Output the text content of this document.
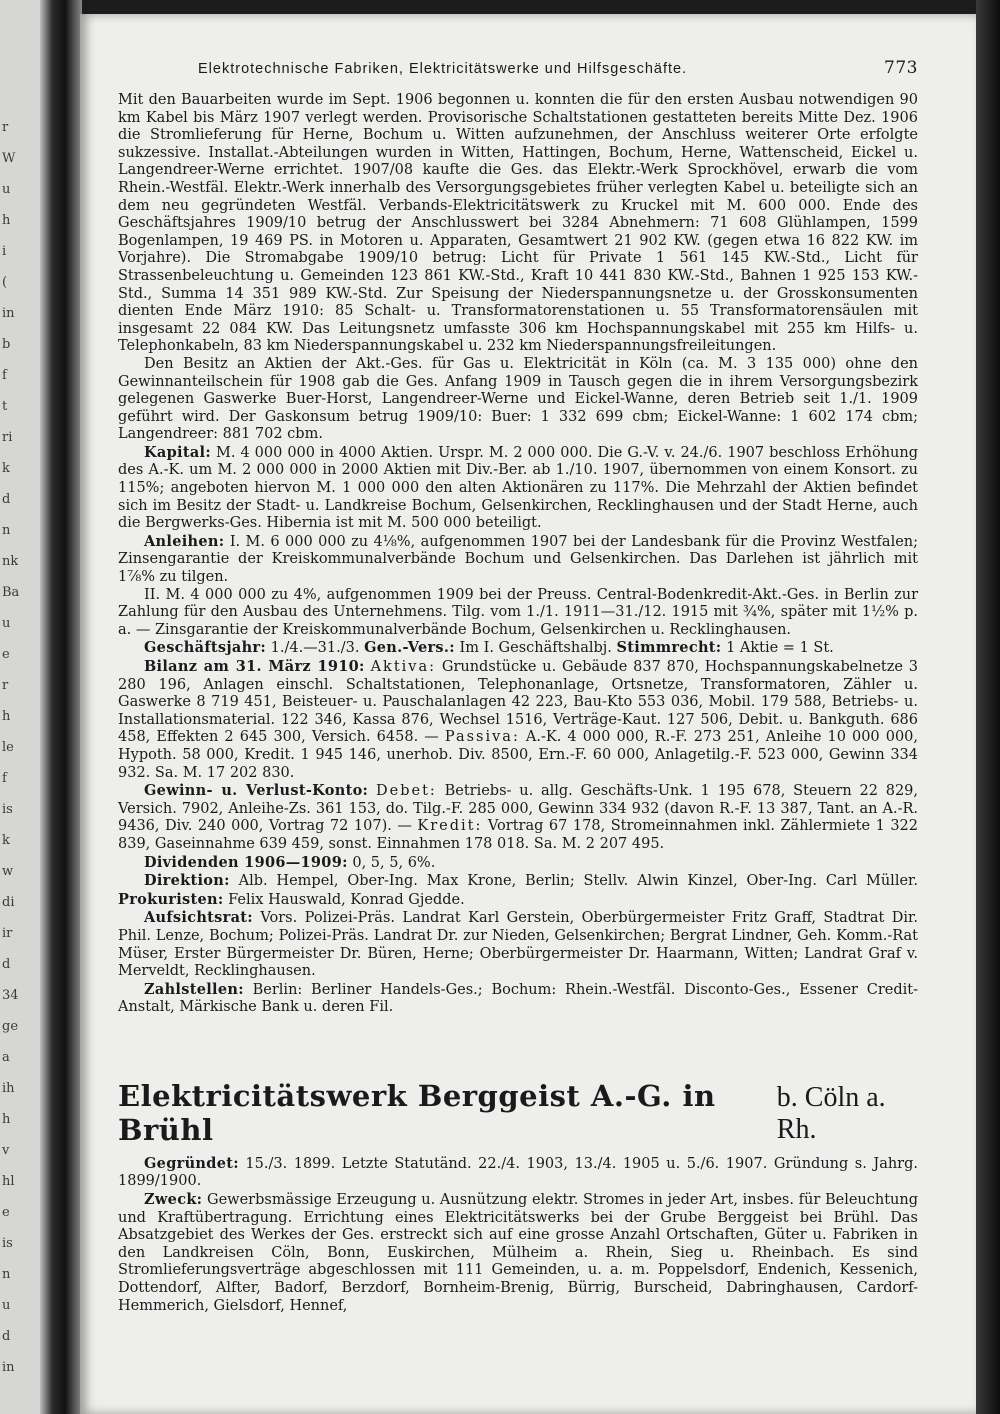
r
W
u
h
i
(
in
b
f
t
ri
k
d
n
nk
Ba
u
e
r
h
le
f
is
k
w
di
ir
d
34
ge
a
ih
h
v
hl
e
is
n
u
d
in
Elektrotechnische Fabriken, Elektricitätswerke und Hilfsgeschäfte.	773

Mit den Bauarbeiten wurde im Sept. 1906 begonnen u. konnten die für den ersten Ausbau notwendigen 90 km Kabel bis März 1907 verlegt werden. Provisorische Schaltstationen gestatteten bereits Mitte Dez. 1906 die Stromlieferung für Herne, Bochum u. Witten aufzunehmen, der Anschluss weiterer Orte erfolgte sukzessive. Installat.-Abteilungen wurden in Witten, Hattingen, Bochum, Herne, Wattenscheid, Eickel u. Langendreer-Werne errichtet. 1907/08 kaufte die Ges. das Elektr.-Werk Sprockhövel, erwarb die vom Rhein.-Westfäl. Elektr.-Werk innerhalb des Versorgungsgebietes früher verlegten Kabel u. beteiligte sich an dem neu gegründeten Westfäl. Verbands-Elektricitätswerk zu Kruckel mit M. 600 000. Ende des Geschäftsjahres 1909/10 betrug der Anschlusswert bei 3284 Abnehmern: 71 608 Glühlampen, 1599 Bogenlampen, 19 469 PS. in Motoren u. Apparaten, Gesamtwert 21 902 KW. (gegen etwa 16 822 KW. im Vorjahre). Die Stromabgabe 1909/10 betrug: Licht für Private 1 561 145 KW.-Std., Licht für Strassenbeleuchtung u. Gemeinden 123 861 KW.-Std., Kraft 10 441 830 KW.-Std., Bahnen 1 925 153 KW.-Std., Summa 14 351 989 KW.-Std. Zur Speisung der Niederspannungsnetze u. der Grosskonsumenten dienten Ende März 1910: 85 Schalt- u. Transformatorenstationen u. 55 Transformatorensäulen mit insgesamt 22 084 KW. Das Leitungsnetz umfasste 306 km Hochspannungskabel mit 255 km Hilfs- u. Telephonkabeln, 83 km Niederspannungskabel u. 232 km Niederspannungsfreileitungen.

Den Besitz an Aktien der Akt.-Ges. für Gas u. Elektricität in Köln (ca. M. 3 135 000) ohne den Gewinnanteilschein für 1908 gab die Ges. Anfang 1909 in Tausch gegen die in ihrem Versorgungsbezirk gelegenen Gaswerke Buer-Horst, Langendreer-Werne und Eickel-Wanne, deren Betrieb seit 1./1. 1909 geführt wird. Der Gaskonsum betrug 1909/10: Buer: 1 332 699 cbm; Eickel-Wanne: 1 602 174 cbm; Langendreer: 881 702 cbm.

Kapital: M. 4 000 000 in 4000 Aktien. Urspr. M. 2 000 000. Die G.-V. v. 24./6. 1907 beschloss Erhöhung des A.-K. um M. 2 000 000 in 2000 Aktien mit Div.-Ber. ab 1./10. 1907, übernommen von einem Konsort. zu 115%; angeboten hiervon M. 1 000 000 den alten Aktionären zu 117%. Die Mehrzahl der Aktien befindet sich im Besitz der Stadt- u. Landkreise Bochum, Gelsenkirchen, Recklinghausen und der Stadt Herne, auch die Bergwerks-Ges. Hibernia ist mit M. 500 000 beteiligt.

Anleihen: I. M. 6 000 000 zu 4⅛%, aufgenommen 1907 bei der Landesbank für die Provinz Westfalen; Zinsengarantie der Kreiskommunalverbände Bochum und Gelsenkirchen. Das Darlehen ist jährlich mit 1⅞% zu tilgen.

II. M. 4 000 000 zu 4%, aufgenommen 1909 bei der Preuss. Central-Bodenkredit-Akt.-Ges. in Berlin zur Zahlung für den Ausbau des Unternehmens. Tilg. vom 1./1. 1911—31./12. 1915 mit ¾%, später mit 1½% p. a. — Zinsgarantie der Kreiskommunalverbände Bochum, Gelsenkirchen u. Recklinghausen.

Geschäftsjahr: 1./4.—31./3. Gen.-Vers.: Im I. Geschäftshalbj. Stimmrecht: 1 Aktie = 1 St.

Bilanz am 31. März 1910: Aktiva: Grundstücke u. Gebäude 837 870, Hochspannungskabelnetze 3 280 196, Anlagen einschl. Schaltstationen, Telephonanlage, Ortsnetze, Transformatoren, Zähler u. Gaswerke 8 719 451, Beisteuer- u. Pauschalanlagen 42 223, Bau-Kto 553 036, Mobil. 179 588, Betriebs- u. Installationsmaterial. 122 346, Kassa 876, Wechsel 1516, Verträge-Kaut. 127 506, Debit. u. Bankguth. 686 458, Effekten 2 645 300, Versich. 6458. — Passiva: A.-K. 4 000 000, R.-F. 273 251, Anleihe 10 000 000, Hypoth. 58 000, Kredit. 1 945 146, unerhob. Div. 8500, Ern.-F. 60 000, Anlagetilg.-F. 523 000, Gewinn 334 932. Sa. M. 17 202 830.

Gewinn- u. Verlust-Konto: Debet: Betriebs- u. allg. Geschäfts-Unk. 1 195 678, Steuern 22 829, Versich. 7902, Anleihe-Zs. 361 153, do. Tilg.-F. 285 000, Gewinn 334 932 (davon R.-F. 13 387, Tant. an A.-R. 9436, Div. 240 000, Vortrag 72 107). — Kredit: Vortrag 67 178, Stromeinnahmen inkl. Zählermiete 1 322 839, Gaseinnahme 639 459, sonst. Einnahmen 178 018. Sa. M. 2 207 495.

Dividenden 1906—1909: 0, 5, 5, 6%.

Direktion: Alb. Hempel, Ober-Ing. Max Krone, Berlin; Stellv. Alwin Kinzel, Ober-Ing. Carl Müller. Prokuristen: Felix Hauswald, Konrad Gjedde.

Aufsichtsrat: Vors. Polizei-Präs. Landrat Karl Gerstein, Oberbürgermeister Fritz Graff, Stadtrat Dir. Phil. Lenze, Bochum; Polizei-Präs. Landrat Dr. zur Nieden, Gelsenkirchen; Bergrat Lindner, Geh. Komm.-Rat Müser, Erster Bürgermeister Dr. Büren, Herne; Oberbürgermeister Dr. Haarmann, Witten; Landrat Graf v. Merveldt, Recklinghausen.

Zahlstellen: Berlin: Berliner Handels-Ges.; Bochum: Rhein.-Westfäl. Disconto-Ges., Essener Credit-Anstalt, Märkische Bank u. deren Fil.

Elektricitätswerk Berggeist A.-G. in Brühl
b. Cöln a. Rh.

Gegründet: 15./3. 1899. Letzte Statutänd. 22./4. 1903, 13./4. 1905 u. 5./6. 1907. Gründung s. Jahrg. 1899/1900.

Zweck: Gewerbsmässige Erzeugung u. Ausnützung elektr. Stromes in jeder Art, insbes. für Beleuchtung und Kraftübertragung. Errichtung eines Elektricitätswerks bei der Grube Berggeist bei Brühl. Das Absatzgebiet des Werkes der Ges. erstreckt sich auf eine grosse Anzahl Ortschaften, Güter u. Fabriken in den Landkreisen Cöln, Bonn, Euskirchen, Mülheim a. Rhein, Sieg u. Rheinbach. Es sind Stromlieferungsverträge abgeschlossen mit 111 Gemeinden, u. a. m. Poppelsdorf, Endenich, Kessenich, Dottendorf, Alfter, Badorf, Berzdorf, Bornheim-Brenig, Bürrig, Burscheid, Dabringhausen, Cardorf-Hemmerich, Gielsdorf, Hennef,
